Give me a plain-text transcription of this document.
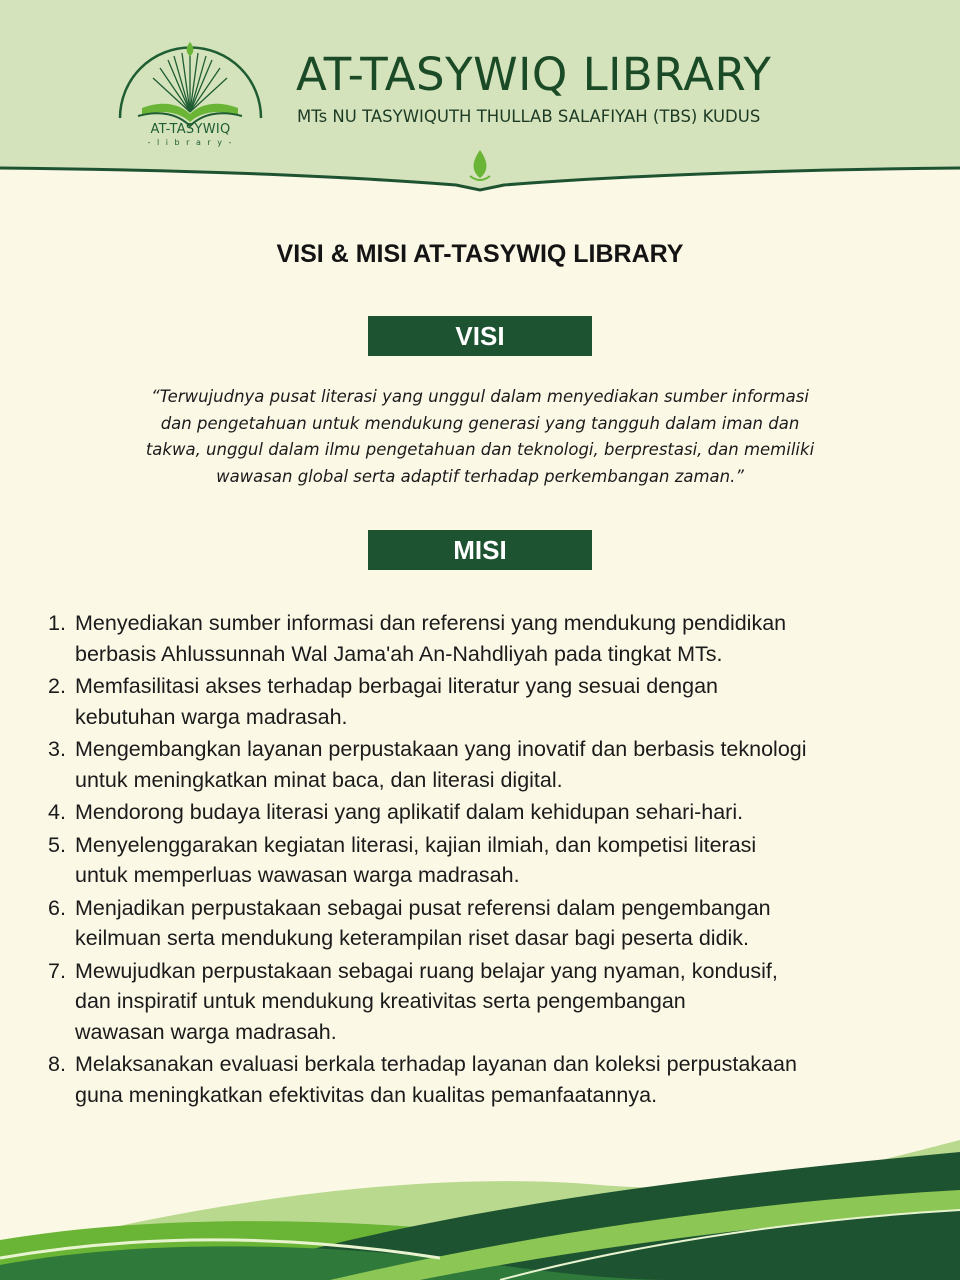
AT-TASYWIQ
- l i b r a r y -
AT-TASYWIQ LIBRARY
MTs NU TASYWIQUTH THULLAB SALAFIYAH (TBS) KUDUS
VISI & MISI AT-TASYWIQ LIBRARY
VISI
“Terwujudnya pusat literasi yang unggul dalam menyediakan sumber informasi
dan pengetahuan untuk mendukung generasi yang tangguh dalam iman dan
takwa, unggul dalam ilmu pengetahuan dan teknologi, berprestasi, dan memiliki
wawasan global serta adaptif terhadap perkembangan zaman.”
MISI
1. Menyediakan sumber informasi dan referensi yang mendukung pendidikan
berbasis Ahlussunnah Wal Jama'ah An-Nahdliyah pada tingkat MTs.
2. Memfasilitasi akses terhadap berbagai literatur yang sesuai dengan
kebutuhan warga madrasah.
3. Mengembangkan layanan perpustakaan yang inovatif dan berbasis teknologi
untuk meningkatkan minat baca, dan literasi digital.
4. Mendorong budaya literasi yang aplikatif dalam kehidupan sehari-hari.
5. Menyelenggarakan kegiatan literasi, kajian ilmiah, dan kompetisi literasi
untuk memperluas wawasan warga madrasah.
6. Menjadikan perpustakaan sebagai pusat referensi dalam pengembangan
keilmuan serta mendukung keterampilan riset dasar bagi peserta didik.
7. Mewujudkan perpustakaan sebagai ruang belajar yang nyaman, kondusif,
dan inspiratif untuk mendukung kreativitas serta pengembangan
wawasan warga madrasah.
8. Melaksanakan evaluasi berkala terhadap layanan dan koleksi perpustakaan
guna meningkatkan efektivitas dan kualitas pemanfaatannya.
